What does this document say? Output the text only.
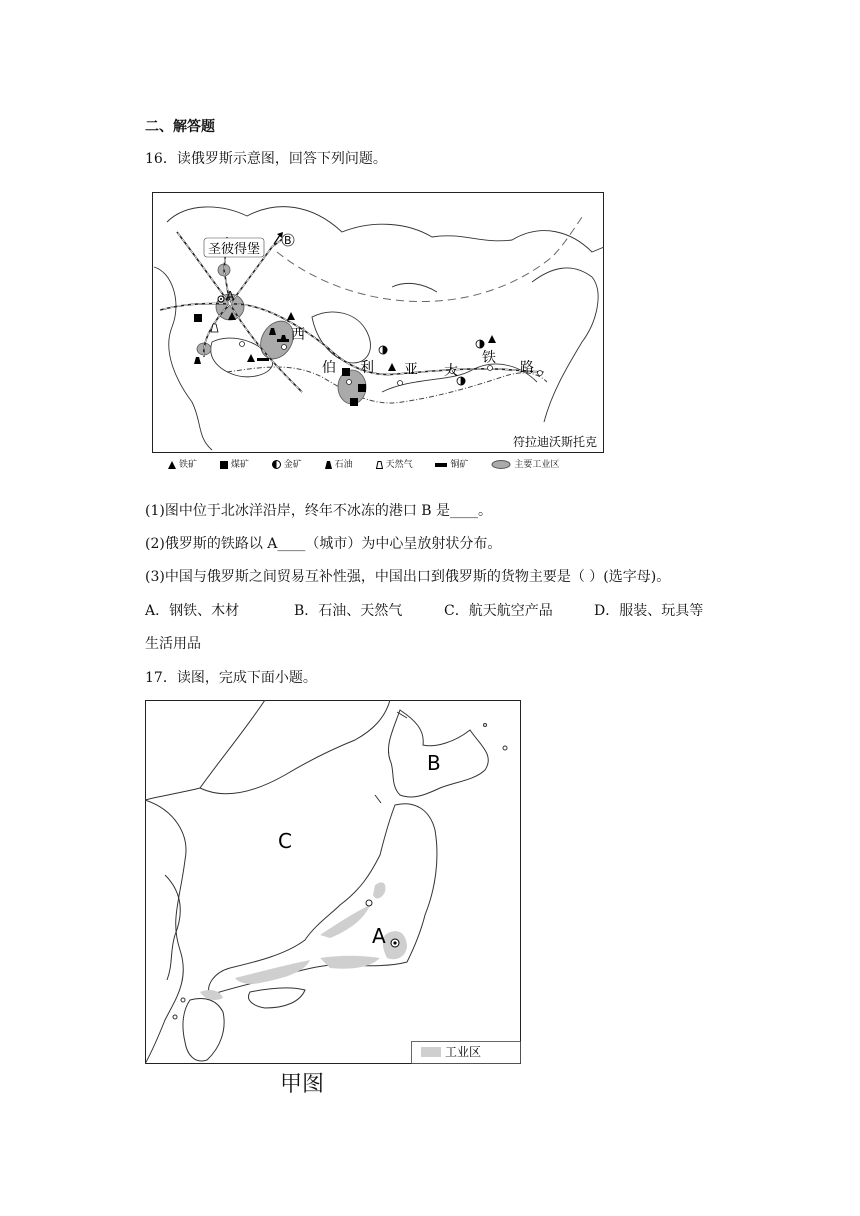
二、解答题
16．读俄罗斯示意图，回答下列问题。
圣彼得堡
B
A
西
伯 利 亚 大
铁
路
符拉迪沃斯托克
铁矿	煤矿	金矿	石油	天然气	铜矿	主要工业区
(1)图中位于北冰洋沿岸，终年不冰冻的港口 B 是____。
(2)俄罗斯的铁路以 A____（城市）为中心呈放射状分布。
(3)中国与俄罗斯之间贸易互补性强，中国出口到俄罗斯的货物主要是（ ）(选字母)。
A．钢铁、木材	B．石油、天然气	C．航天航空产品	D．服装、玩具等
生活用品
17．读图，完成下面小题。
B
C
A
工业区
甲图
